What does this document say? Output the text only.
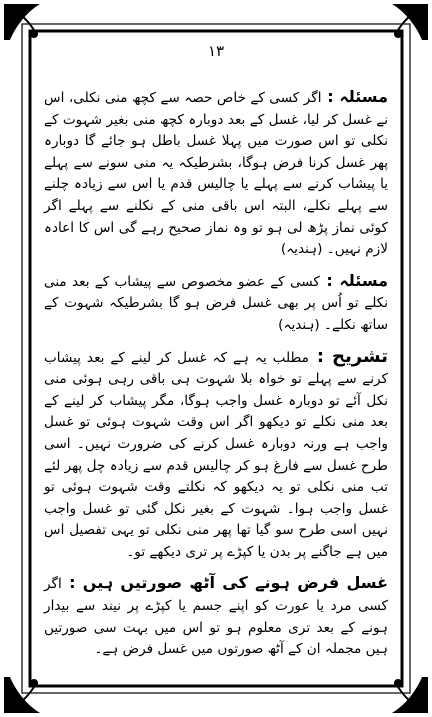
۱۳

مسئلہ : اگر کسی کے خاص حصہ سے کچھ منی نکلی، اس نے غسل کر لیا، غسل کے بعد دوبارہ کچھ منی بغیر شہوت کے نکلی تو اس صورت میں پہلا غسل باطل ہو جائے گا دوبارہ پھر غسل کرنا فرض ہوگا، بشرطیکہ یہ منی سونے سے پہلے یا پیشاب کرنے سے پہلے یا چالیس قدم یا اس سے زیادہ چلنے سے پہلے نکلے، البتہ اس باقی منی کے نکلنے سے پہلے اگر کوئی نماز پڑھ لی ہو تو وہ نماز صحیح رہے گی اس کا اعادہ لازم نہیں۔ (ہندیہ)

مسئلہ : کسی کے عضو مخصوص سے پیشاب کے بعد منی نکلے تو اُس پر بھی غسل فرض ہو گا بشرطیکہ شہوت کے ساتھ نکلے۔ (ہندیہ)

تشریح : مطلب یہ ہے کہ غسل کر لینے کے بعد پیشاب کرنے سے پہلے تو خواہ بلا شہوت ہی باقی رہی ہوئی منی نکل آئے تو دوبارہ غسل واجب ہوگا، مگر پیشاب کر لینے کے بعد منی نکلے تو دیکھو اگر اس وقت شہوت ہوئی تو غسل واجب ہے ورنہ دوبارہ غسل کرنے کی ضرورت نہیں۔ اسی طرح غسل سے فارغ ہو کر چالیس قدم سے زیادہ چل پھر لئے تب منی نکلی تو یہ دیکھو کہ نکلتے وقت شہوت ہوئی تو غسل واجب ہوا۔ شہوت کے بغیر نکل گئی تو غسل واجب نہیں اسی طرح سو گیا تھا پھر منی نکلی تو یہی تفصیل اس میں ہے جاگنے پر بدن یا کپڑے پر تری دیکھے تو۔

غسل فرض ہونے کی آٹھ صورتیں ہیں : اگر کسی مرد یا عورت کو اپنے جسم یا کپڑے پر نیند سے بیدار ہونے کے بعد تری معلوم ہو تو اس میں بہت سی صورتیں ہیں مجملہ ان کے آٹھ صورتوں میں غسل فرض ہے۔
